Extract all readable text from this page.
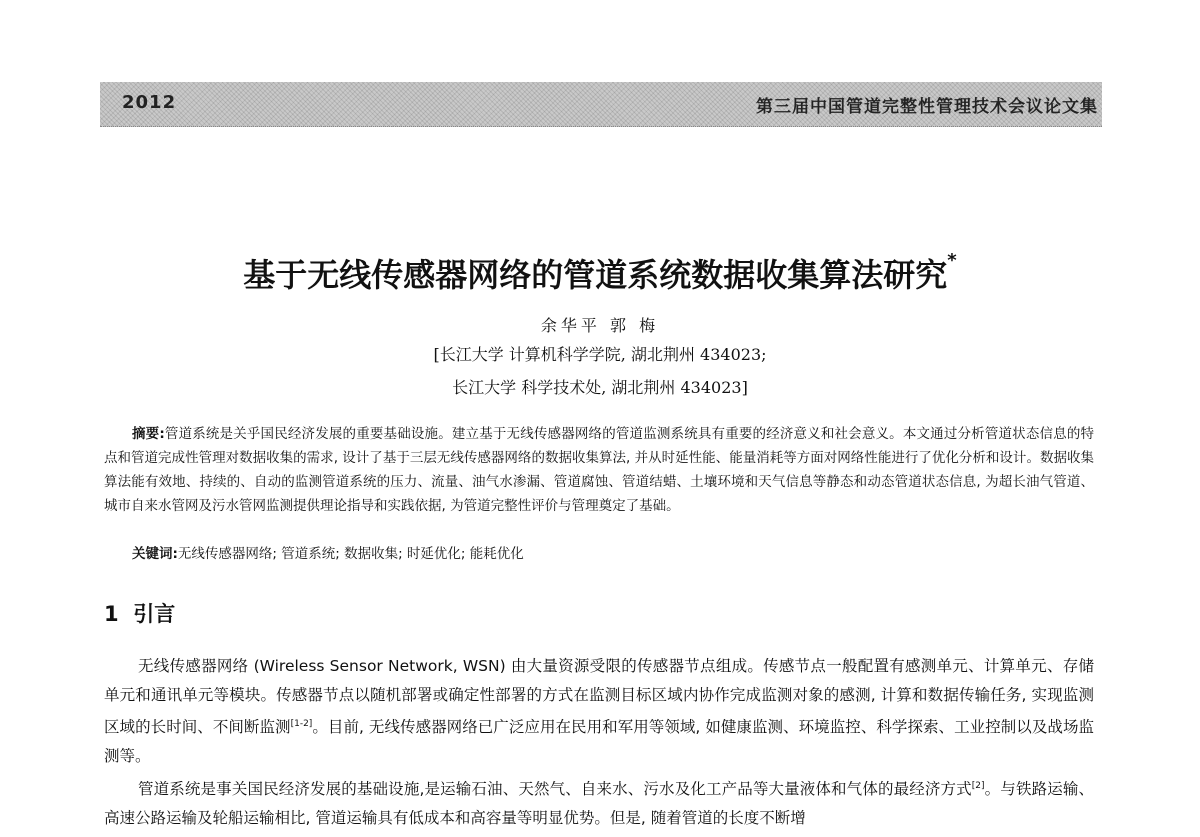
2012	第三届中国管道完整性管理技术会议论文集
基于无线传感器网络的管道系统数据收集算法研究*
余华平 郭 梅
[长江大学 计算机科学学院, 湖北荆州 434023;
长江大学 科学技术处, 湖北荆州 434023]
摘要:管道系统是关乎国民经济发展的重要基础设施。建立基于无线传感器网络的管道监测系统具有重要的经济意义和社会意义。本文通过分析管道状态信息的特点和管道完成性管理对数据收集的需求, 设计了基于三层无线传感器网络的数据收集算法, 并从时延性能、能量消耗等方面对网络性能进行了优化分析和设计。数据收集算法能有效地、持续的、自动的监测管道系统的压力、流量、油气水渗漏、管道腐蚀、管道结蜡、土壤环境和天气信息等静态和动态管道状态信息, 为超长油气管道、城市自来水管网及污水管网监测提供理论指导和实践依据, 为管道完整性评价与管理奠定了基础。
关键词:无线传感器网络; 管道系统; 数据收集; 时延优化; 能耗优化
1 引言
无线传感器网络 (Wireless Sensor Network, WSN) 由大量资源受限的传感器节点组成。传感节点一般配置有感测单元、计算单元、存储单元和通讯单元等模块。传感器节点以随机部署或确定性部署的方式在监测目标区域内协作完成监测对象的感测, 计算和数据传输任务, 实现监测区域的长时间、不间断监测[1-2]。目前, 无线传感器网络已广泛应用在民用和军用等领域, 如健康监测、环境监控、科学探索、工业控制以及战场监测等。
管道系统是事关国民经济发展的基础设施,是运输石油、天然气、自来水、污水及化工产品等大量液体和气体的最经济方式[2]。与铁路运输、高速公路运输及轮船运输相比, 管道运输具有低成本和高容量等明显优势。但是, 随着管道的长度不断增
